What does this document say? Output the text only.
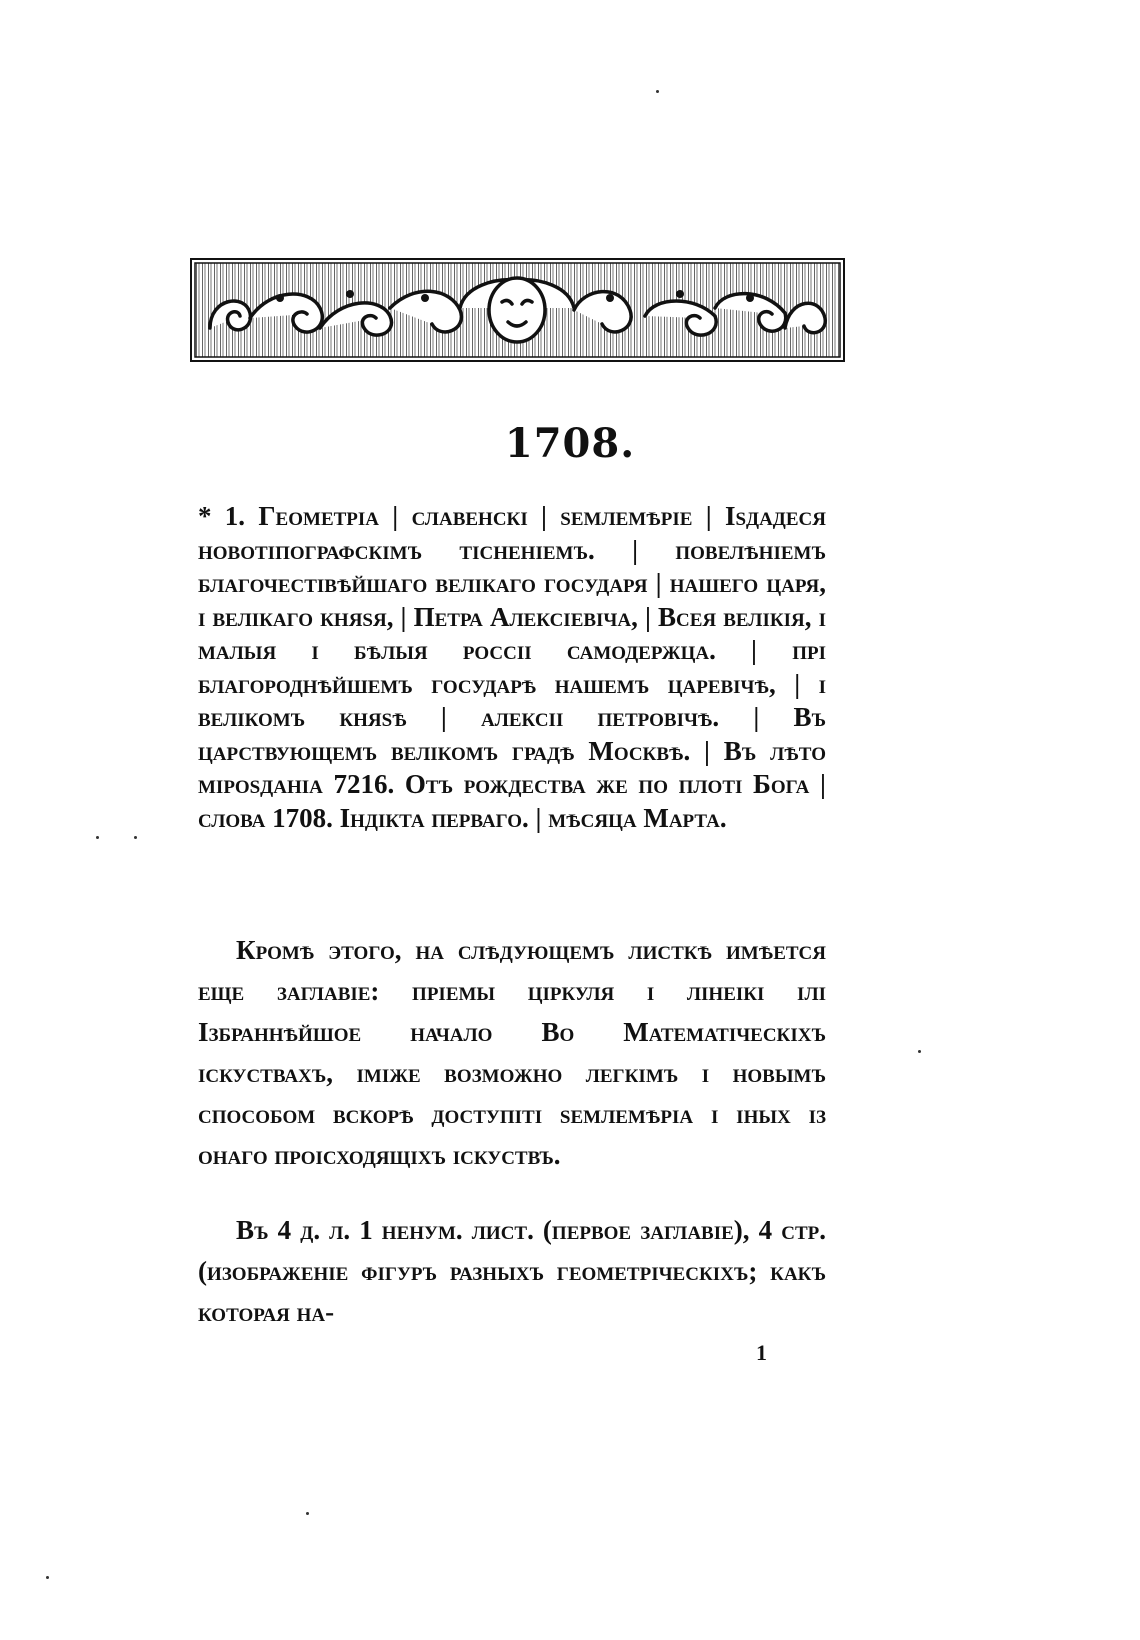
1708.

* 1. Геометріа | славенскі | sемлемѣріе | Іsдадеся новотіпографскімъ тісненіемъ. | повелѣніемъ благочестівѣйшаго велікаго государя | нашего царя, і велікаго княsя, | Петра Алексіевіча, | Всея велікія, і малыя і бѣлыя россіі самодержца. | прі благороднѣйшемъ государѣ нашемъ царевічѣ, | і велікомъ княsѣ | алексіі петровічѣ. | Въ царствующемъ велікомъ градѣ Москвѣ. | Въ лѣто міроsданіа 7216. Отъ рождества же по плоті Бога | слова 1708. Індікта перваго. | мѣсяца Марта.

Кромѣ этого, на слѣдующемъ листкѣ имѣется еще заглавіе: пріемы ціркуля і лінеікі ілі Ізбраннѣйшое начало Во Математіческіхъ іскуствахъ, іміже возможно легкімъ і новымъ способом вскорѣ доступіті sемлемѣріа і іных із онаго проісходящіхъ іскуствъ.

Въ 4 д. л. 1 ненум. лист. (первое заглавіе), 4 стр. (изображеніе фігуръ разныхъ геометріческіхъ; какъ которая на-

1
